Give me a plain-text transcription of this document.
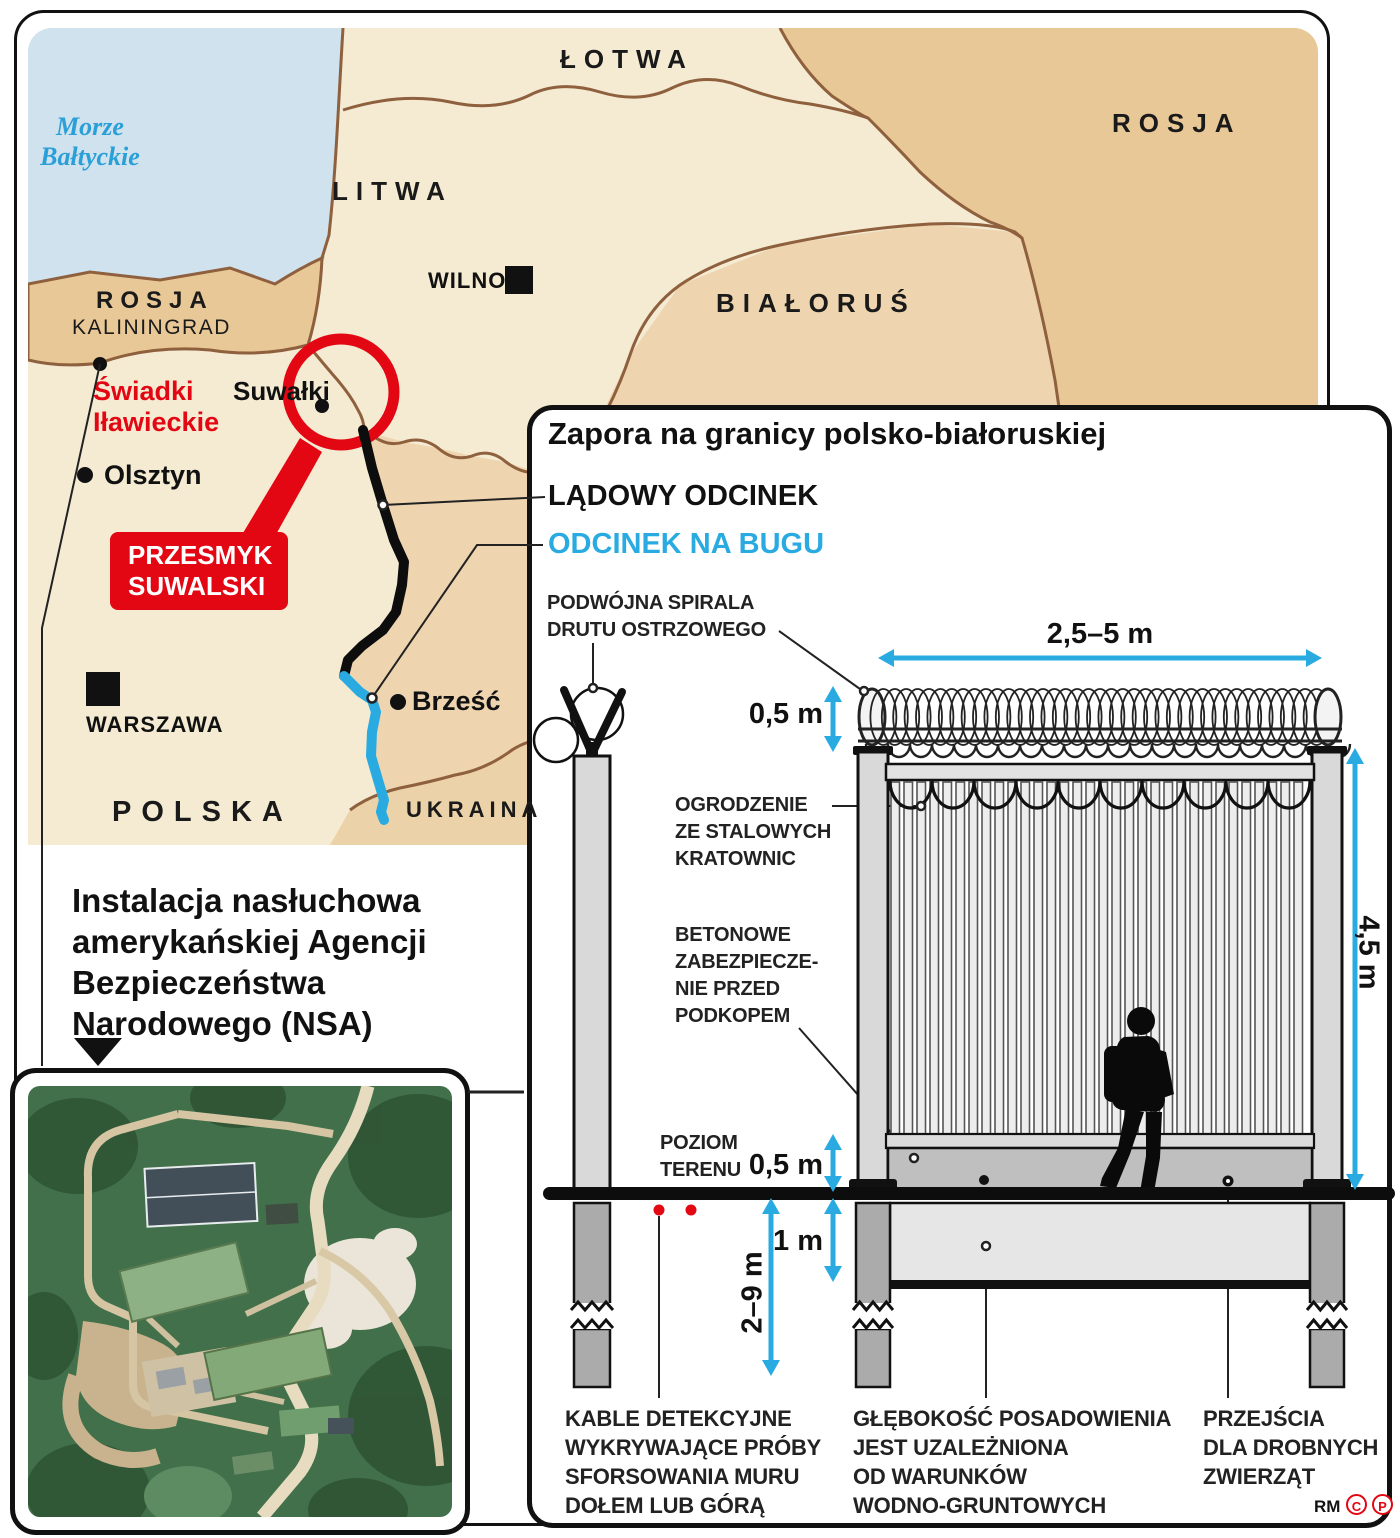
Morze
Bałtyckie
ŁOTWA
LITWA
ROSJA
BIAŁORUŚ
ROSJA
KALININGRAD
POLSKA	UKRAINA
WILNO
Suwałki
Olsztyn
WARSZAWA
Brześć
Świadki
Iławieckie
PRZESMYK
SUWALSKI
Instalacja nasłuchowa
amerykańskiej Agencji
Bezpieczeństwa
Narodowego (NSA)
Zapora na granicy polsko-białoruskiej
LĄDOWY ODCINEK
ODCINEK NA BUGU
PODWÓJNA SPIRALA
DRUTU OSTRZOWEGO
OGRODZENIE
ZE STALOWYCH
KRATOWNIC
BETONOWE
ZABEZPIECZE-
NIE PRZED
PODKOPEM
POZIOM
TERENU
KABLE DETEKCYJNE
WYKRYWAJĄCE PRÓBY
SFORSOWANIA MURU
DOŁEM LUB GÓRĄ
GŁĘBOKOŚĆ POSADOWIENIA
JEST UZALEŻNIONA
OD WARUNKÓW
WODNO-GRUNTOWYCH
PRZEJŚCIA
DLA DROBNYCH
ZWIERZĄT
2,5–5 m
0,5 m
4,5 m
0,5 m
1 m
2–9 m
RM C	P
